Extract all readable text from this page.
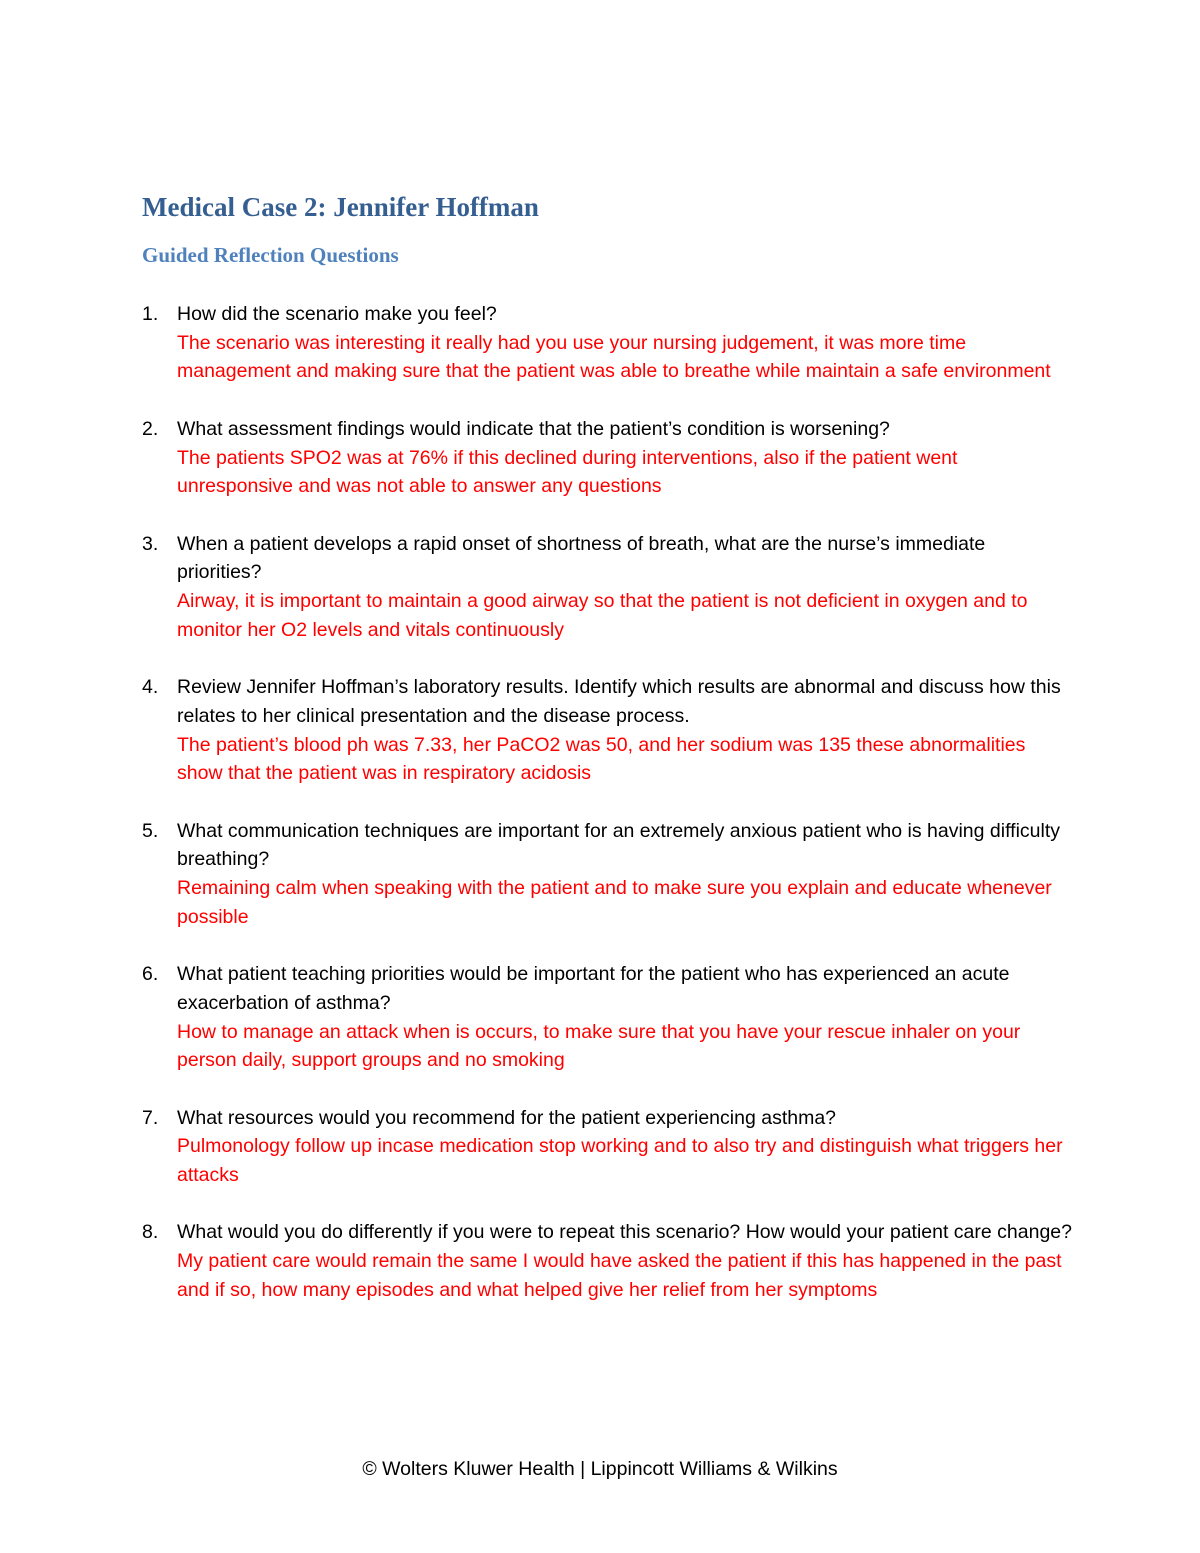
Medical Case 2: Jennifer Hoffman
Guided Reflection Questions
1. How did the scenario make you feel?
The scenario was interesting it really had you use your nursing judgement, it was more time management and making sure that the patient was able to breathe while maintain a safe environment
2. What assessment findings would indicate that the patient’s condition is worsening?
The patients SPO2 was at 76% if this declined during interventions, also if the patient went unresponsive and was not able to answer any questions
3. When a patient develops a rapid onset of shortness of breath, what are the nurse’s immediate priorities?
Airway, it is important to maintain a good airway so that the patient is not deficient in oxygen and to monitor her O2 levels and vitals continuously
4. Review Jennifer Hoffman’s laboratory results. Identify which results are abnormal and discuss how this relates to her clinical presentation and the disease process.
The patient’s blood ph was 7.33, her PaCO2 was 50, and her sodium was 135 these abnormalities show that the patient was in respiratory acidosis
5. What communication techniques are important for an extremely anxious patient who is having difficulty breathing?
Remaining calm when speaking with the patient and to make sure you explain and educate whenever possible
6. What patient teaching priorities would be important for the patient who has experienced an acute exacerbation of asthma?
How to manage an attack when is occurs, to make sure that you have your rescue inhaler on your person daily, support groups and no smoking
7. What resources would you recommend for the patient experiencing asthma?
Pulmonology follow up incase medication stop working and to also try and distinguish what triggers her attacks
8. What would you do differently if you were to repeat this scenario? How would your patient care change?
My patient care would remain the same I would have asked the patient if this has happened in the past and if so, how many episodes and what helped give her relief from her symptoms
© Wolters Kluwer Health | Lippincott Williams & Wilkins
